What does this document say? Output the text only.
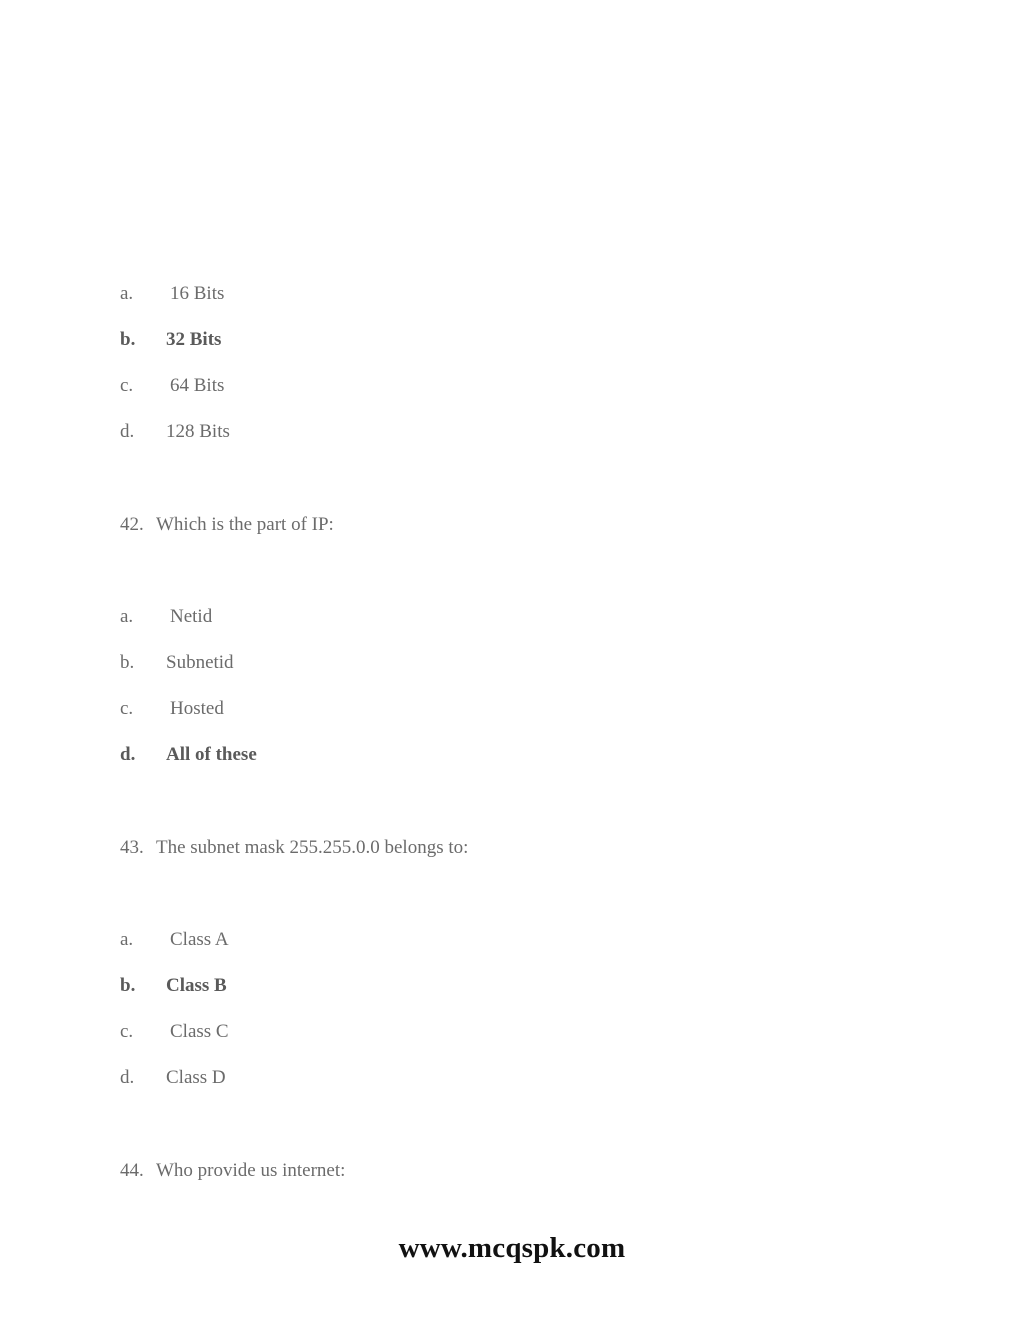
a. 16 Bits
b. 32 Bits
c. 64 Bits
d. 128 Bits
42. Which is the part of IP:
a. Netid
b. Subnetid
c. Hosted
d. All of these
43. The subnet mask 255.255.0.0 belongs to:
a. Class A
b. Class B
c. Class C
d. Class D
44. Who provide us internet:
www.mcqspk.com
